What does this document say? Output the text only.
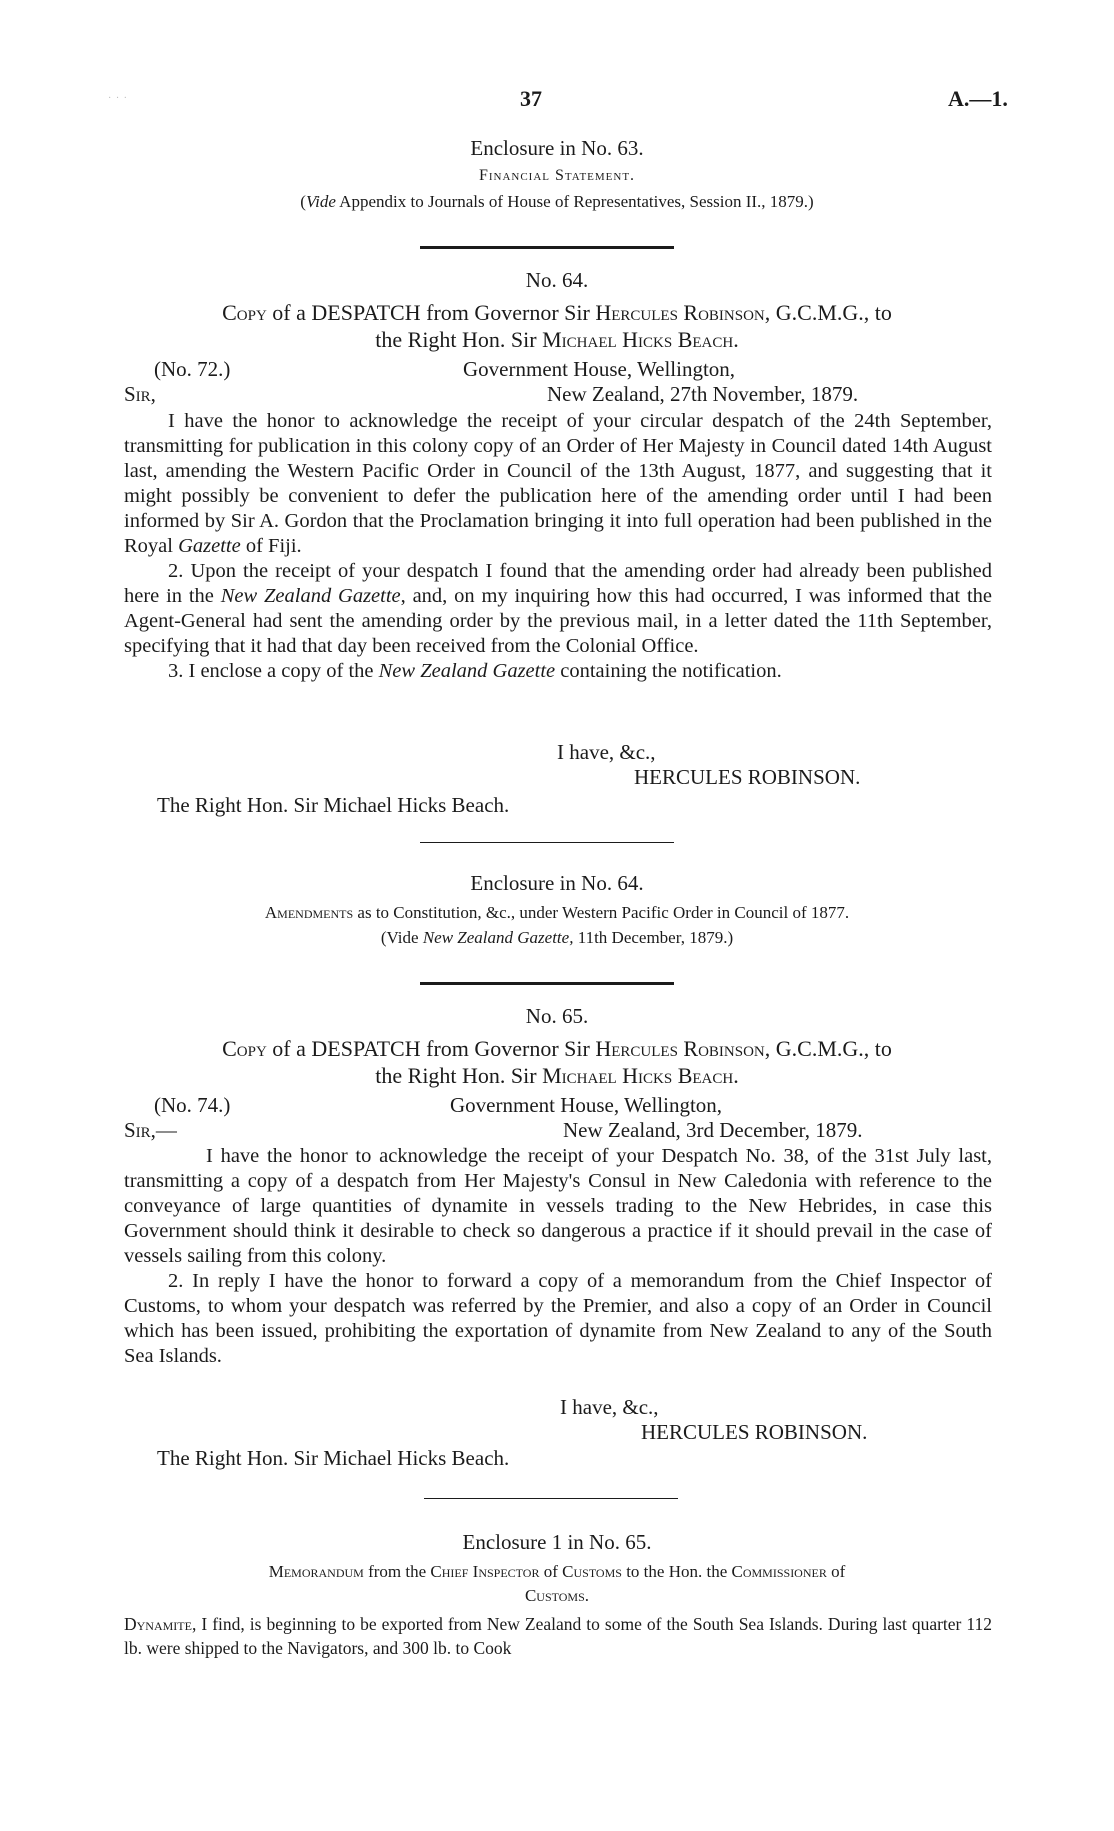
· · ·	37	A.—1.
Enclosure in No. 63.
Financial Statement.
(Vide Appendix to Journals of House of Representatives, Session II., 1879.)
No. 64.
Copy of a DESPATCH from Governor Sir Hercules Robinson, G.C.M.G., to
the Right Hon. Sir Michael Hicks Beach.
(No. 72.)	Government House, Wellington,
Sir,	New Zealand, 27th November, 1879.

I have the honor to acknowledge the receipt of your circular despatch of the 24th September, transmitting for publication in this colony copy of an Order of Her Majesty in Council dated 14th August last, amending the Western Pacific Order in Council of the 13th August, 1877, and suggesting that it might possibly be convenient to defer the publication here of the amending order until I had been informed by Sir A. Gordon that the Proclamation bringing it into full operation had been published in the Royal Gazette of Fiji.

2. Upon the receipt of your despatch I found that the amending order had already been published here in the New Zealand Gazette, and, on my inquiring how this had occurred, I was informed that the Agent-General had sent the amending order by the previous mail, in a letter dated the 11th September, specifying that it had that day been received from the Colonial Office.

3. I enclose a copy of the New Zealand Gazette containing the notification.

I have, &c.,
HERCULES ROBINSON.
The Right Hon. Sir Michael Hicks Beach.
Enclosure in No. 64.
Amendments as to Constitution, &c., under Western Pacific Order in Council of 1877.
(Vide New Zealand Gazette, 11th December, 1879.)
No. 65.
Copy of a DESPATCH from Governor Sir Hercules Robinson, G.C.M.G., to
the Right Hon. Sir Michael Hicks Beach.
(No. 74.)	Government House, Wellington,
Sir,—	New Zealand, 3rd December, 1879.

I have the honor to acknowledge the receipt of your Despatch No. 38, of the 31st July last, transmitting a copy of a despatch from Her Majesty's Consul in New Caledonia with reference to the conveyance of large quantities of dynamite in vessels trading to the New Hebrides, in case this Government should think it desirable to check so dangerous a practice if it should prevail in the case of vessels sailing from this colony.

2. In reply I have the honor to forward a copy of a memorandum from the Chief Inspector of Customs, to whom your despatch was referred by the Premier, and also a copy of an Order in Council which has been issued, prohibiting the exportation of dynamite from New Zealand to any of the South Sea Islands.

I have, &c.,
HERCULES ROBINSON.
The Right Hon. Sir Michael Hicks Beach.
Enclosure 1 in No. 65.
Memorandum from the Chief Inspector of Customs to the Hon. the Commissioner of
Customs.

Dynamite, I find, is beginning to be exported from New Zealand to some of the South Sea Islands. During last quarter 112 lb. were shipped to the Navigators, and 300 lb. to Cook
